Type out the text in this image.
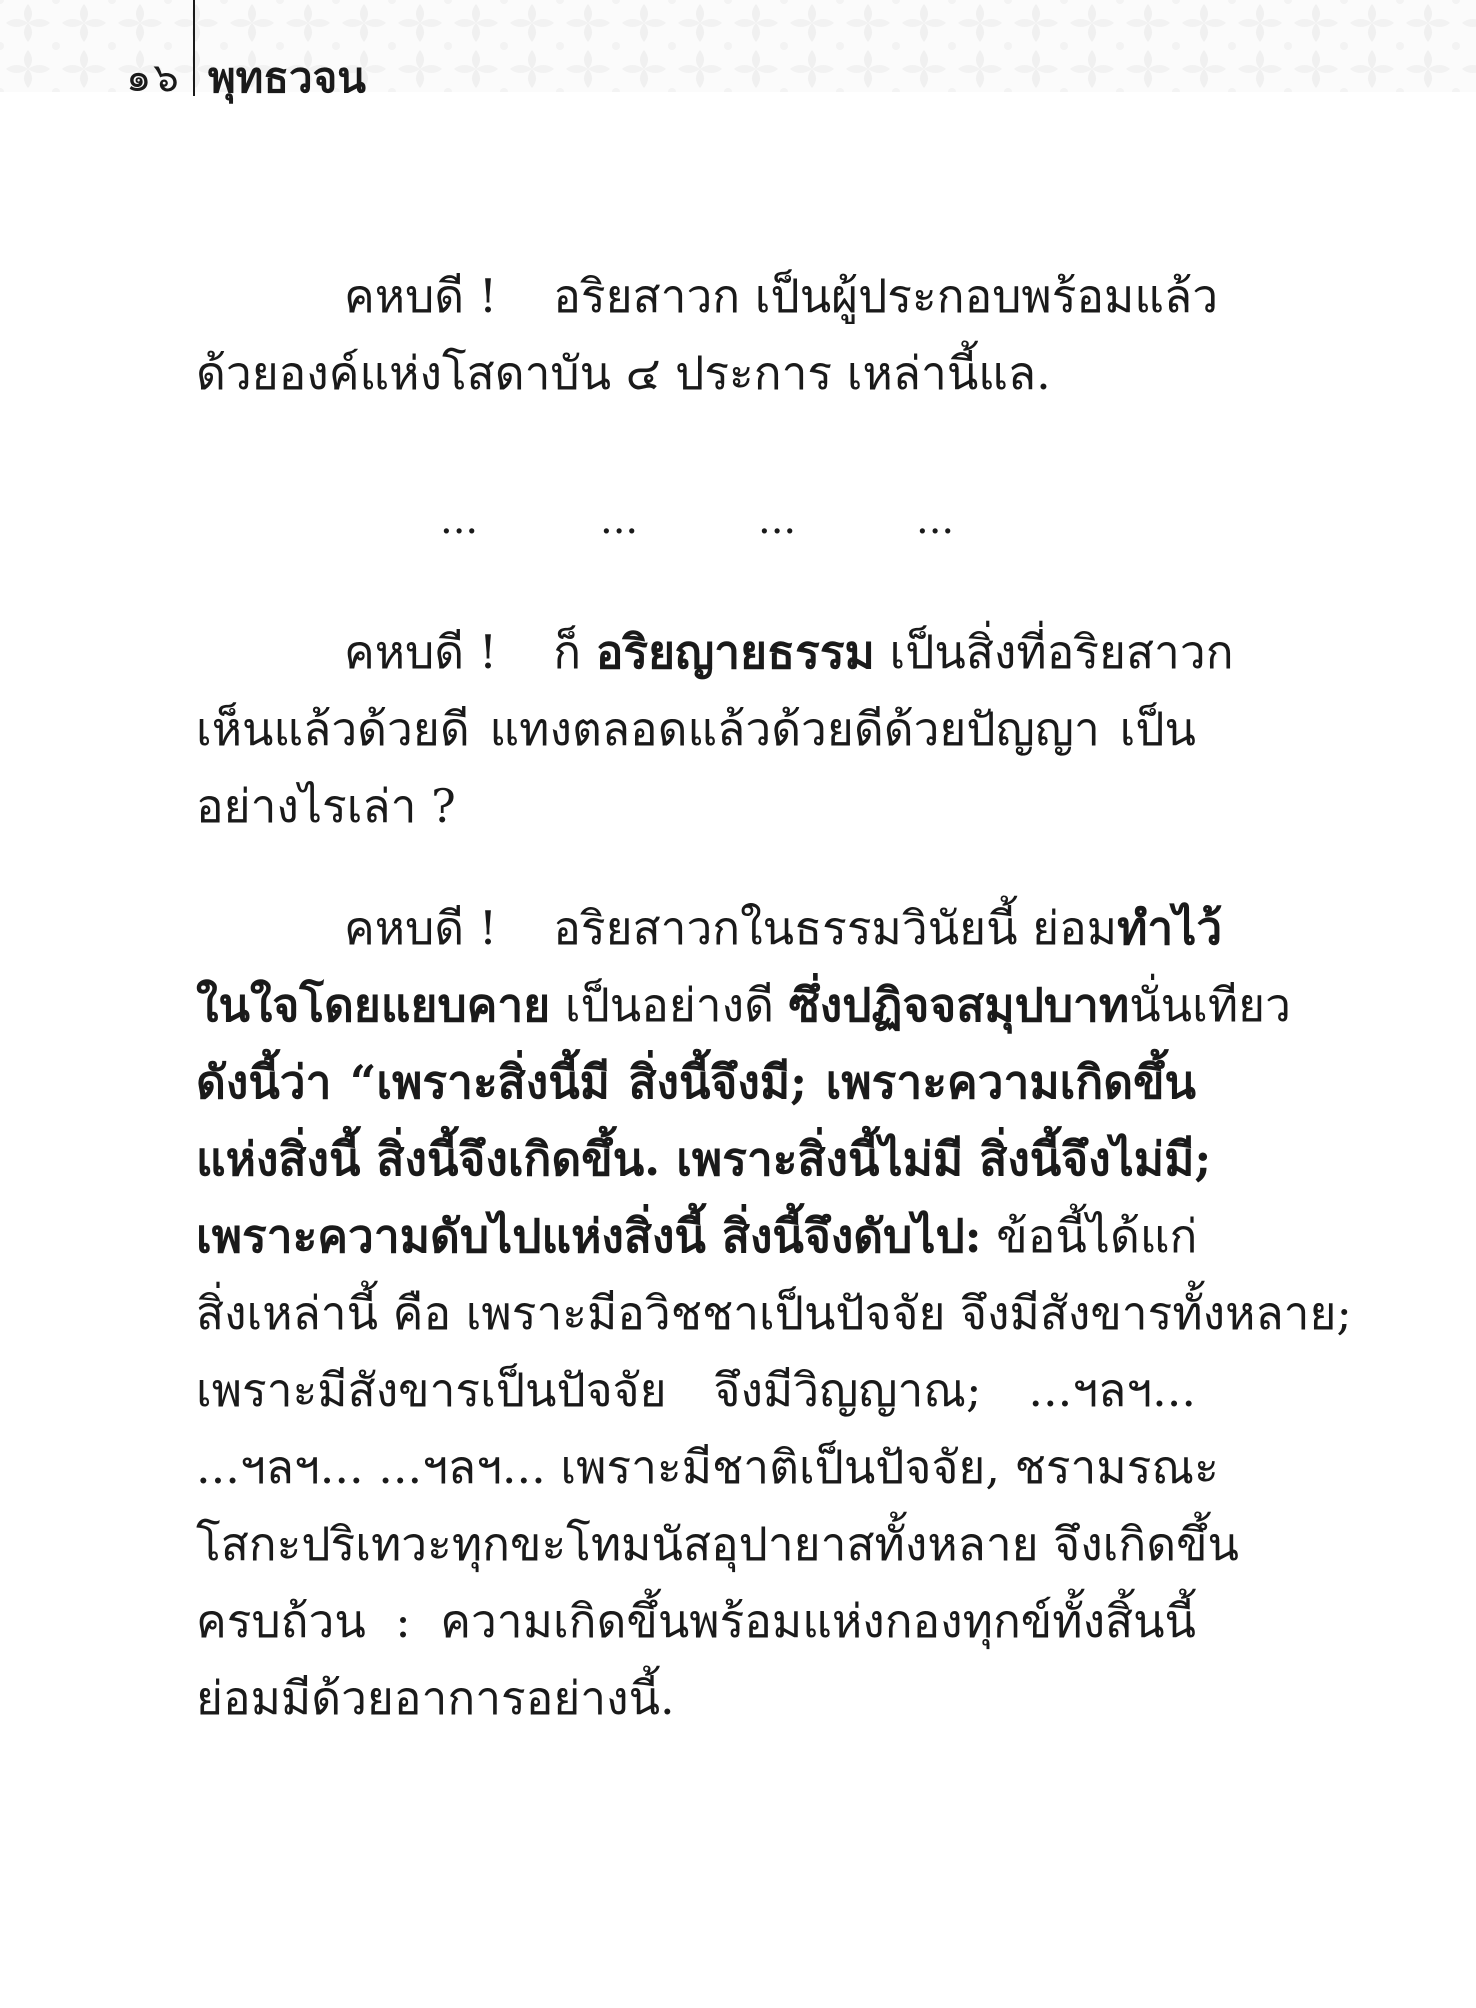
๑๖ พุทธวจน
คหบดี ! อริยสาวก เป็นผู้ประกอบพร้อมแล้ว
ด้วยองค์แห่งโสดาบัน ๔ ประการ เหล่านี้แล.
...	...	...	...
คหบดี ! ก็ อริยญายธรรม เป็นสิ่งที่อริยสาวก
เห็นแล้วด้วยดี แทงตลอดแล้วด้วยดีด้วยปัญญา เป็น
อย่างไรเล่า ?
คหบดี ! อริยสาวกในธรรมวินัยนี้ ย่อมทำไว้
ในใจโดยแยบคาย เป็นอย่างดี ซึ่งปฏิจจสมุปบาทนั่นเทียว
ดังนี้ว่า “เพราะสิ่งนี้มี สิ่งนี้จึงมี; เพราะความเกิดขึ้น
แห่งสิ่งนี้ สิ่งนี้จึงเกิดขึ้น. เพราะสิ่งนี้ไม่มี สิ่งนี้จึงไม่มี;
เพราะความดับไปแห่งสิ่งนี้ สิ่งนี้จึงดับไป: ข้อนี้ได้แก่
สิ่งเหล่านี้ คือ เพราะมีอวิชชาเป็นปัจจัย จึงมีสังขารทั้งหลาย;
เพราะมีสังขารเป็นปัจจัย จึงมีวิญญาณ; ...ฯลฯ...
...ฯลฯ... ...ฯลฯ... เพราะมีชาติเป็นปัจจัย, ชรามรณะ
โสกะปริเทวะทุกขะโทมนัสอุปายาสทั้งหลาย จึงเกิดขึ้น
ครบถ้วน : ความเกิดขึ้นพร้อมแห่งกองทุกข์ทั้งสิ้นนี้
ย่อมมีด้วยอาการอย่างนี้.
